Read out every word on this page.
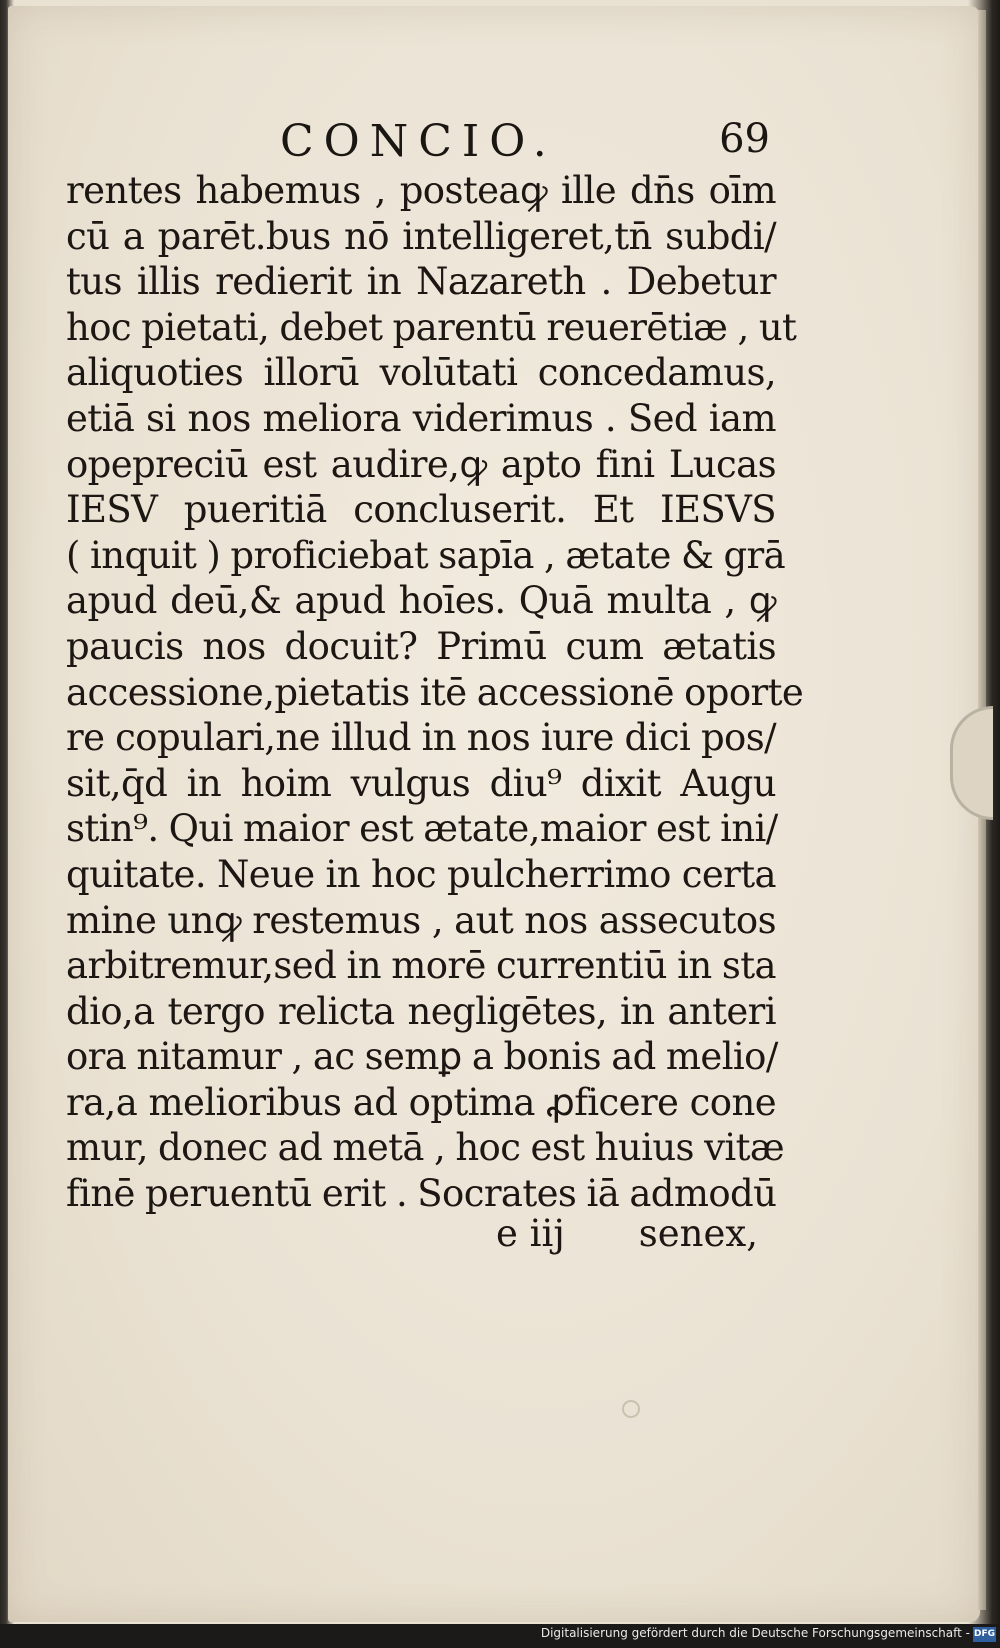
CONCIO.	69
rentes habemus , posteaꝙ ille dn̄s oīm
cū a parēt.bus nō intelligeret,tn̄ subdi/
tus illis redierit in Nazareth . Debetur
hoc pietati, debet parentū reuerētiæ , ut
aliquoties illorū volūtati concedamus,
etiā si nos meliora viderimus . Sed iam
opepreciū est audire,ꝙ apto fini Lucas
IESV pueritiā concluserit. Et IESVS
( inquit ) proficiebat sapīa , ætate & grā
apud deū,& apud hoīes. Quā multa , ꝙ
paucis nos docuit? Primū cum ætatis
accessione,pietatis itē accessionē oporte
re copulari,ne illud in nos iure dici pos/
sit,q̄d in hoim vulgus diu⁹ dixit Augu
stin⁹. Qui maior est ætate,maior est ini/
quitate. Neue in hoc pulcherrimo certa
mine unꝙ restemus , aut nos assecutos
arbitremur,sed in morē currentiū in sta
dio,a tergo relicta negligētes, in anteri
ora nitamur , ac semꝑ a bonis ad melio/
ra,a melioribus ad optima ꝓficere cone
mur, donec ad metā , hoc est huius vitæ
finē peruentū erit . Socrates iā admodū
e iij senex,
Digitalisierung gefördert durch die Deutsche Forschungsgemeinschaft - DFG
